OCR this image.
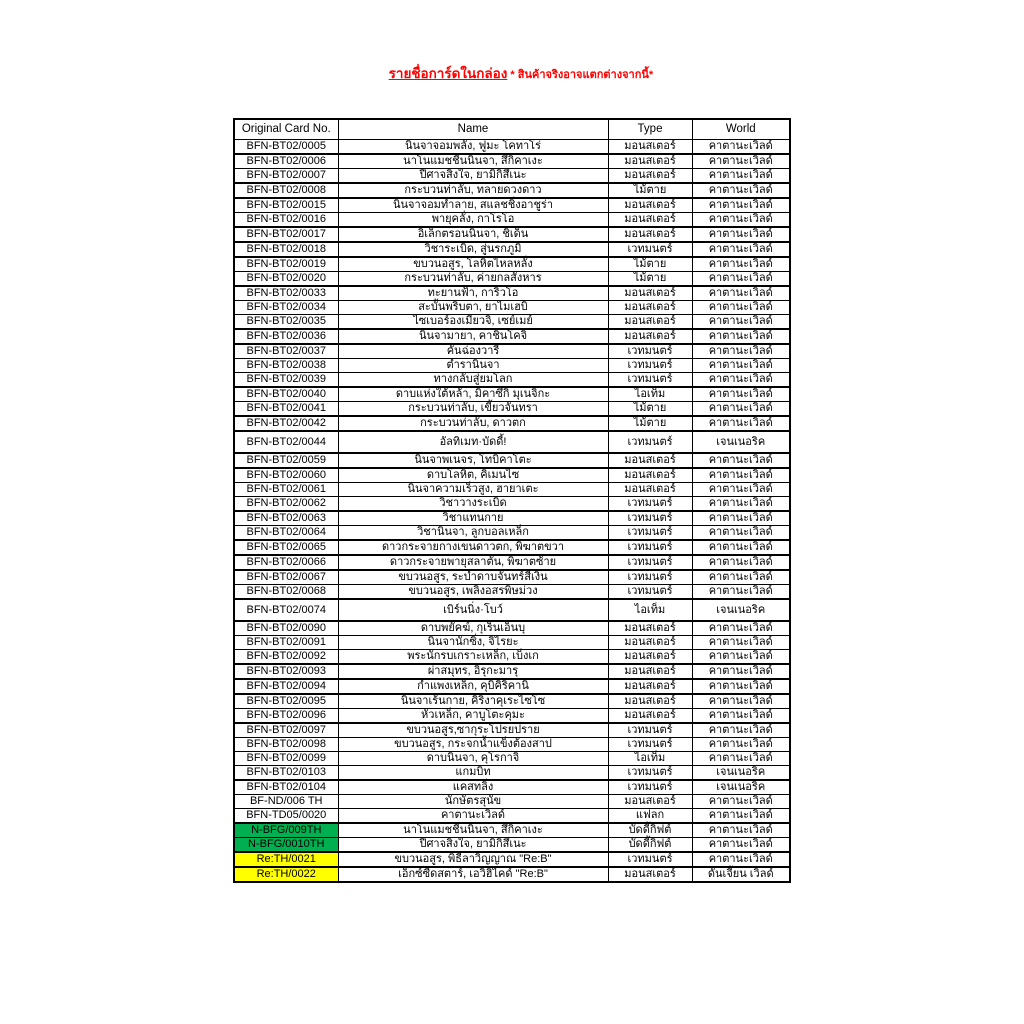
รายชื่อการ์ดในกล่อง * สินค้าจริงอาจแตกต่างจากนี้*

Original Card No.	Name	Type	World
BFN-BT02/0005	นินจาจอมพลัง, ฟูมะ โคทาโร่	มอนสเตอร์	คาตานะเวิลด์
BFN-BT02/0006	นาโนแมชชีนนินจา, สึกิคาเงะ	มอนสเตอร์	คาตานะเวิลด์
BFN-BT02/0007	ปีศาจสิงใจ, ยามิกิสึเนะ	มอนสเตอร์	คาตานะเวิลด์
BFN-BT02/0008	กระบวนท่าลับ, ทลายดวงดาว	ไม้ตาย	คาตานะเวิลด์
BFN-BT02/0015	นินจาจอมทำลาย, สแลชชิ่งอาชูร่า	มอนสเตอร์	คาตานะเวิลด์
BFN-BT02/0016	พายุคลั่ง, กาโรโอ	มอนสเตอร์	คาตานะเวิลด์
BFN-BT02/0017	อิเล็กตรอนนินจา, ชิเด็น	มอนสเตอร์	คาตานะเวิลด์
BFN-BT02/0018	วิชาระเบิด, สู่นรกภูมิ	เวทมนตร์	คาตานะเวิลด์
BFN-BT02/0019	ขบวนอสูร, โลหิตไหลหลั่ง	ไม้ตาย	คาตานะเวิลด์
BFN-BT02/0020	กระบวนท่าลับ, ค่ายกลสังหาร	ไม้ตาย	คาตานะเวิลด์
BFN-BT02/0033	ทะยานฟ้า, การิวโอ	มอนสเตอร์	คาตานะเวิลด์
BFN-BT02/0034	สะบั้นพริบตา, ยาไมเฮบิ	มอนสเตอร์	คาตานะเวิลด์
BFN-BT02/0035	ไซเบอร์องเมียวจิ, เซย์เมย์	มอนสเตอร์	คาตานะเวิลด์
BFN-BT02/0036	นินจามายา, คาชินโคจิ	มอนสเตอร์	คาตานะเวิลด์
BFN-BT02/0037	คันฉ่องวารี	เวทมนตร์	คาตานะเวิลด์
BFN-BT02/0038	ตำรานินจา	เวทมนตร์	คาตานะเวิลด์
BFN-BT02/0039	ทางกลับสู่ยมโลก	เวทมนตร์	คาตานะเวิลด์
BFN-BT02/0040	ดาบแห่งใต้หล้า, มิคาซึกิ มุเนจิกะ	ไอเท็ม	คาตานะเวิลด์
BFN-BT02/0041	กระบวนท่าลับ, เขี้ยวจันทรา	ไม้ตาย	คาตานะเวิลด์
BFN-BT02/0042	กระบวนท่าลับ, ดาวตก	ไม้ตาย	คาตานะเวิลด์
BFN-BT02/0044	อัลทิเมท·บัดดี้!	เวทมนตร์	เจนเนอริค
BFN-BT02/0059	นินจาพเนจร, โทบิคาโตะ	มอนสเตอร์	คาตานะเวิลด์
BFN-BT02/0060	ดาบโลหิต, คิเมนไซ	มอนสเตอร์	คาตานะเวิลด์
BFN-BT02/0061	นินจาความเร็วสูง, ฮายาเตะ	มอนสเตอร์	คาตานะเวิลด์
BFN-BT02/0062	วิชาวางระเบิด	เวทมนตร์	คาตานะเวิลด์
BFN-BT02/0063	วิชาแทนกาย	เวทมนตร์	คาตานะเวิลด์
BFN-BT02/0064	วิชานินจา, ลูกบอลเหล็ก	เวทมนตร์	คาตานะเวิลด์
BFN-BT02/0065	ดาวกระจายกางเขนดาวตก, พิฆาตขวา	เวทมนตร์	คาตานะเวิลด์
BFN-BT02/0066	ดาวกระจายพายุสลาตัน, พิฆาตซ้าย	เวทมนตร์	คาตานะเวิลด์
BFN-BT02/0067	ขบวนอสูร, ระบำดาบจันทร์สีเงิน	เวทมนตร์	คาตานะเวิลด์
BFN-BT02/0068	ขบวนอสูร, เพลิงอสรพิษม่วง	เวทมนตร์	คาตานะเวิลด์
BFN-BT02/0074	เบิร์นนิ่ง·โบว์	ไอเท็ม	เจนเนอริค
BFN-BT02/0090	ดาบพยัคฆ์, กุเร็นเอ็นบุ	มอนสเตอร์	คาตานะเวิลด์
BFN-BT02/0091	นินจานักซิ่ง, จิไรยะ	มอนสเตอร์	คาตานะเวิลด์
BFN-BT02/0092	พระนักรบเกราะเหล็ก, เบ็งเก	มอนสเตอร์	คาตานะเวิลด์
BFN-BT02/0093	ผ่าสมุทร, อิรุกะมารุ	มอนสเตอร์	คาตานะเวิลด์
BFN-BT02/0094	กำแพงเหล็ก, คุบิคิริคานิ	มอนสเตอร์	คาตานะเวิลด์
BFN-BT02/0095	นินจาเร้นกาย, คิริงาคุเระไซโซ	มอนสเตอร์	คาตานะเวิลด์
BFN-BT02/0096	หัวเหล็ก, คาบูโตะคุมะ	มอนสเตอร์	คาตานะเวิลด์
BFN-BT02/0097	ขบวนอสูร,ซากุระโปรยปราย	เวทมนตร์	คาตานะเวิลด์
BFN-BT02/0098	ขบวนอสูร, กระจกน้ำแข็งต้องสาป	เวทมนตร์	คาตานะเวิลด์
BFN-BT02/0099	ดาบนินจา, คุโรกาจิ	ไอเท็ม	คาตานะเวิลด์
BFN-BT02/0103	แกมบิท	เวทมนตร์	เจนเนอริค
BFN-BT02/0104	แคสทลิ่ง	เวทมนตร์	เจนเนอริค
BF-ND/006 TH	นักษัตรสุนัข	มอนสเตอร์	คาตานะเวิลด์
BFN-TD05/0020	คาตานะเวิลด์	แฟลก	คาตานะเวิลด์
N-BFG/009TH	นาโนแมชชีนนินจา, สึกิคาเงะ	บัดดี้กิฟต์	คาตานะเวิลด์
N-BFG/0010TH	ปีศาจสิงใจ, ยามิกิสึเนะ	บัดดี้กิฟต์	คาตานะเวิลด์
Re:TH/0021	ขบวนอสูร, พิธีลาวิญญาณ "Re:B"	เวทมนตร์	คาตานะเวิลด์
Re:TH/0022	เอ็กซ์ซีดสตาร์, เอวิฮิไคด์ "Re:B"	มอนสเตอร์	ดันเจี้ยน เวิลด์
